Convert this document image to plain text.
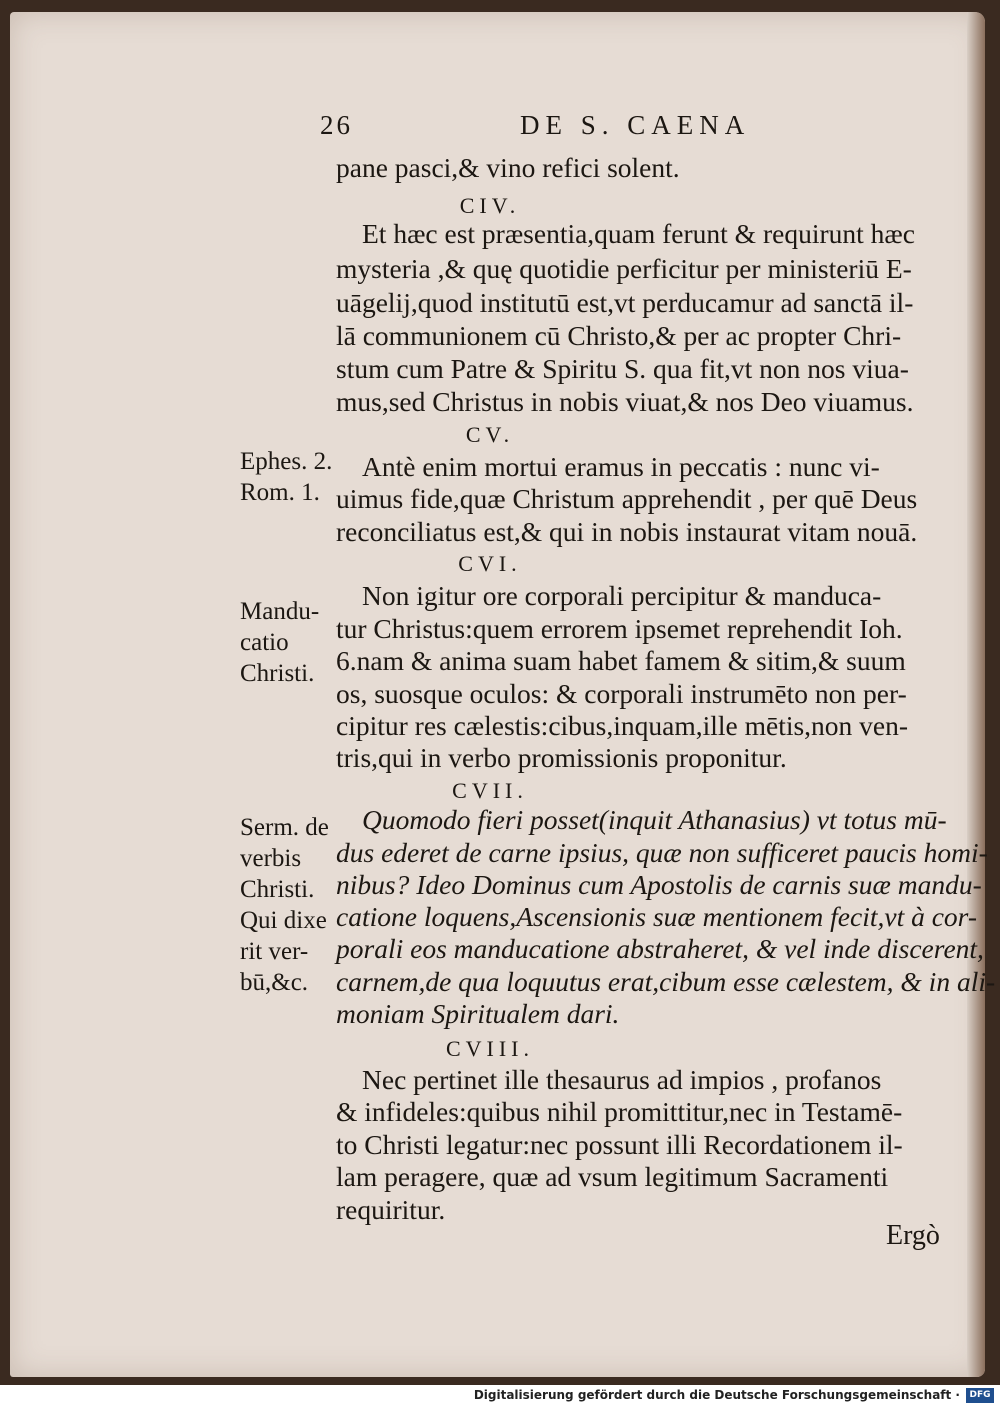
26	DE S. CAENA
pane pasci,& vino refici solent.
CIV.
Et hæc est præsentia,quam ferunt & requirunt hæc
mysteria ,& quę quotidie perficitur per ministeriū E-
uāgelij,quod institutū est,vt perducamur ad sanctā il-
lā communionem cū Christo,& per ac propter Chri-
stum cum Patre & Spiritu S. qua fit,vt non nos viua-
mus,sed Christus in nobis viuat,& nos Deo viuamus.
CV.
Antè enim mortui eramus in peccatis : nunc vi-
uimus fide,quæ Christum apprehendit , per quē Deus
reconciliatus est,& qui in nobis instaurat vitam nouā.
CVI.
Non igitur ore corporali percipitur & manduca-
tur Christus:quem errorem ipsemet reprehendit Ioh.
6.nam & anima suam habet famem & sitim,& suum
os, suosque oculos: & corporali instrumēto non per-
cipitur res cælestis:cibus,inquam,ille mētis,non ven-
tris,qui in verbo promissionis proponitur.
CVII.
Quomodo fieri posset(inquit Athanasius) vt totus mū-
dus ederet de carne ipsius, quæ non sufficeret paucis homi-
nibus? Ideo Dominus cum Apostolis de carnis suæ mandu-
catione loquens,Ascensionis suæ mentionem fecit,vt à cor-
porali eos manducatione abstraheret, & vel inde discerent,
carnem,de qua loquutus erat,cibum esse cælestem, & in ali-
moniam Spiritualem dari.
CVIII.
Nec pertinet ille thesaurus ad impios , profanos
& infideles:quibus nihil promittitur,nec in Testamē-
to Christi legatur:nec possunt illi Recordationem il-
lam peragere, quæ ad vsum legitimum Sacramenti
requiritur.
Ephes. 2.
Rom. 1.
Mandu-
catio
Christi.
Serm. de
verbis
Christi.
Qui dixe
rit ver-
bū,&c.
Ergò
Digitalisierung gefördert durch die Deutsche Forschungsgemeinschaft ·	DFG
